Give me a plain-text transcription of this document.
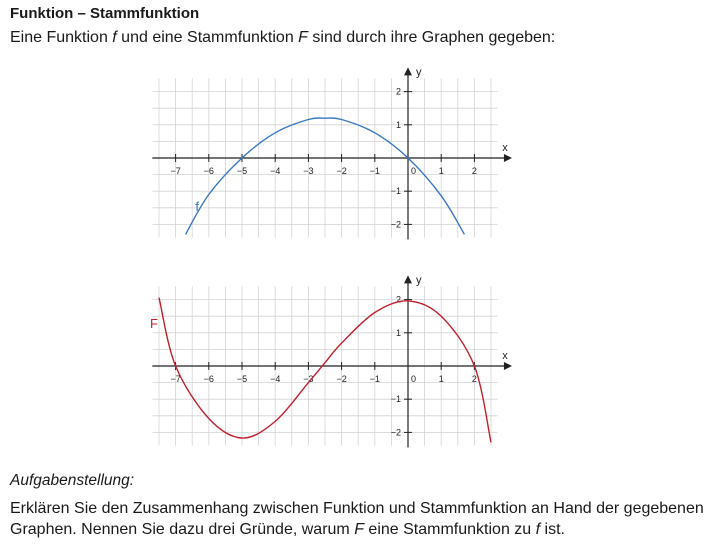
Funktion – Stammfunktion
Eine Funktion f und eine Stammfunktion F sind durch ihre Graphen gegeben:
x
y
−7	−6	−5	−4	−3	−2	−1	0	1	2
−2
−1
1
2
f
x
y
−7	−6	−5	−4	−3	−2	−1	0	1	2
−2
−1
1
2
F
Aufgabenstellung:
Erklären Sie den Zusammenhang zwischen Funktion und Stammfunktion an Hand der gegebenen Graphen. Nennen Sie dazu drei Gründe, warum F eine Stammfunktion zu f ist.
